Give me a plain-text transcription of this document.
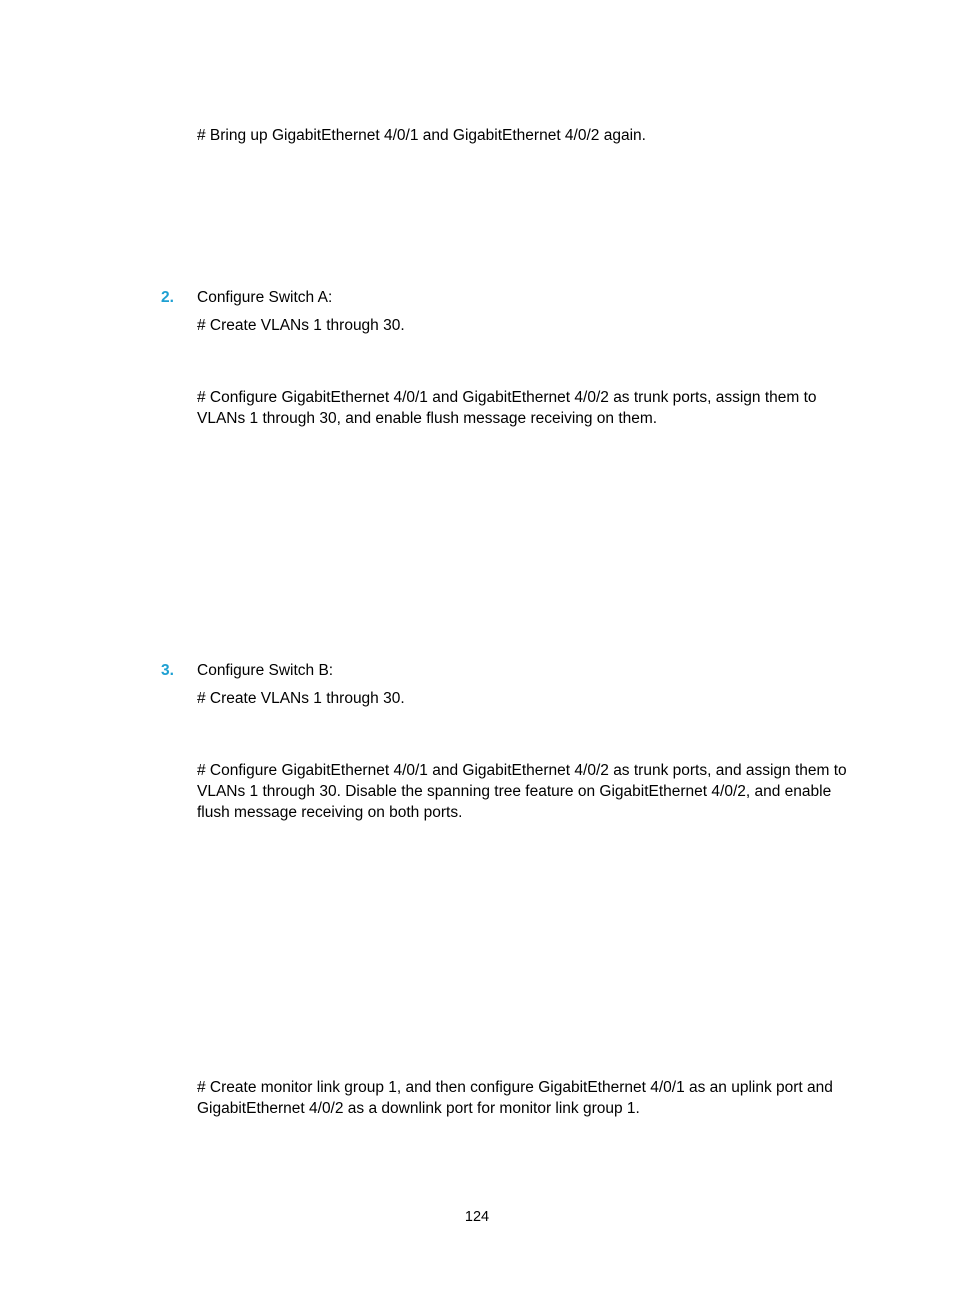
# Bring up GigabitEthernet 4/0/1 and GigabitEthernet 4/0/2 again.

2. Configure Switch A:

# Create VLANs 1 through 30.

# Configure GigabitEthernet 4/0/1 and GigabitEthernet 4/0/2 as trunk ports, assign them to VLANs 1 through 30, and enable flush message receiving on them.

3. Configure Switch B:

# Create VLANs 1 through 30.

# Configure GigabitEthernet 4/0/1 and GigabitEthernet 4/0/2 as trunk ports, and assign them to VLANs 1 through 30. Disable the spanning tree feature on GigabitEthernet 4/0/2, and enable flush message receiving on both ports.

# Create monitor link group 1, and then configure GigabitEthernet 4/0/1 as an uplink port and GigabitEthernet 4/0/2 as a downlink port for monitor link group 1.

124
